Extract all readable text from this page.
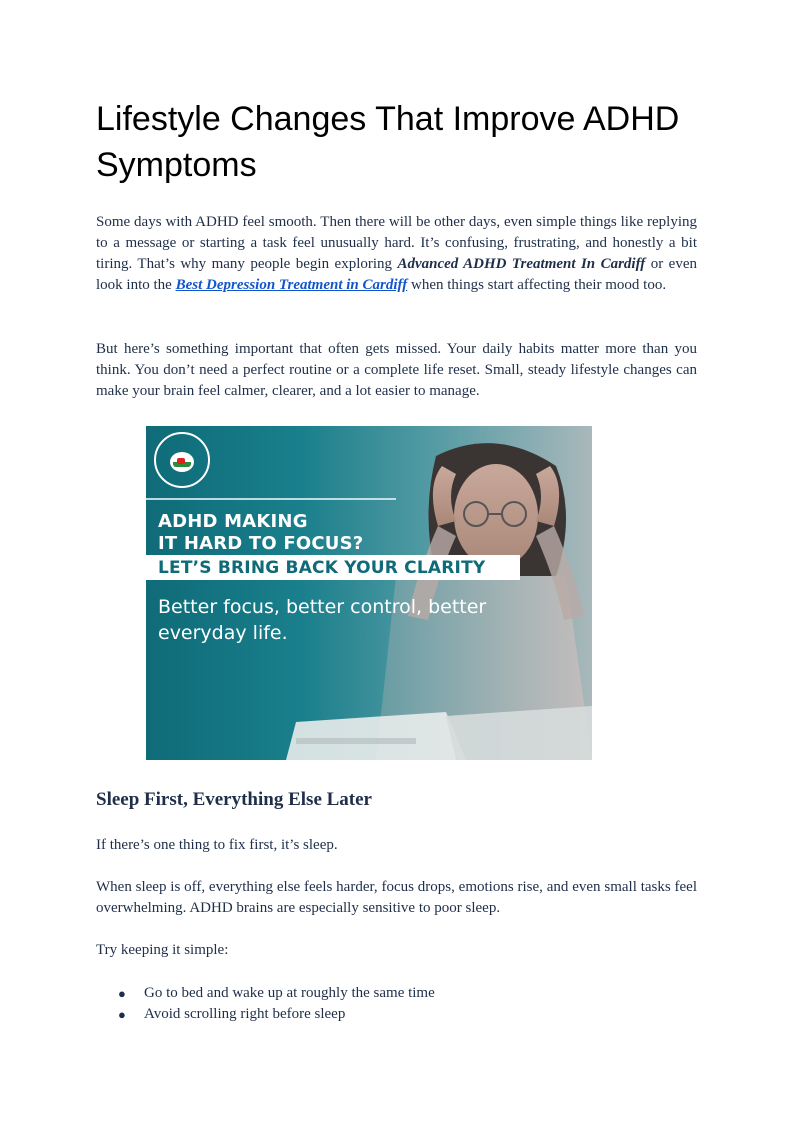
Lifestyle Changes That Improve ADHD Symptoms

Some days with ADHD feel smooth. Then there will be other days, even simple things like replying to a message or starting a task feel unusually hard. It’s confusing, frustrating, and honestly a bit tiring. That’s why many people begin exploring Advanced ADHD Treatment In Cardiff or even look into the Best Depression Treatment in Cardiff when things start affecting their mood too.

But here’s something important that often gets missed. Your daily habits matter more than you think. You don’t need a perfect routine or a complete life reset. Small, steady lifestyle changes can make your brain feel calmer, clearer, and a lot easier to manage.

ADHD MAKING

IT HARD TO FOCUS?

LET’S BRING BACK YOUR CLARITY

Better focus, better control, better everyday life.

Sleep First, Everything Else Later

If there’s one thing to fix first, it’s sleep.

When sleep is off, everything else feels harder, focus drops, emotions rise, and even small tasks feel overwhelming. ADHD brains are especially sensitive to poor sleep.

Try keeping it simple:

● Go to bed and wake up at roughly the same time
● Avoid scrolling right before sleep
